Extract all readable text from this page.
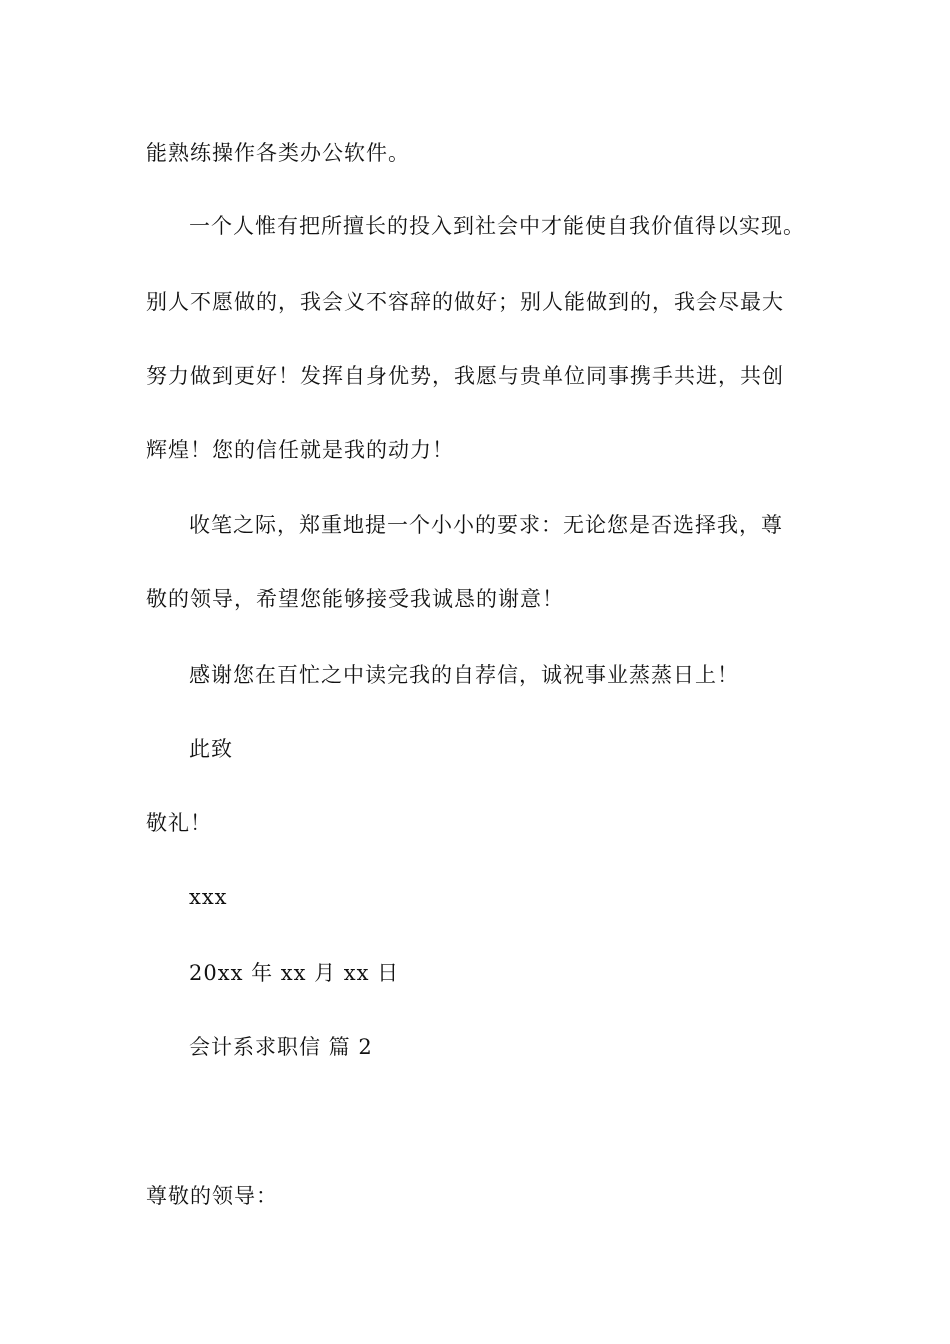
能熟练操作各类办公软件。
一个人惟有把所擅长的投入到社会中才能使自我价值得以实现。
别人不愿做的，我会义不容辞的做好；别人能做到的，我会尽最大
努力做到更好！发挥自身优势，我愿与贵单位同事携手共进，共创
辉煌！您的信任就是我的动力！
收笔之际，郑重地提一个小小的要求：无论您是否选择我，尊
敬的领导，希望您能够接受我诚恳的谢意！
感谢您在百忙之中读完我的自荐信，诚祝事业蒸蒸日上！
此致
敬礼！
xxx
20xx 年 xx 月 xx 日
会计系求职信 篇 2
尊敬的领导：
